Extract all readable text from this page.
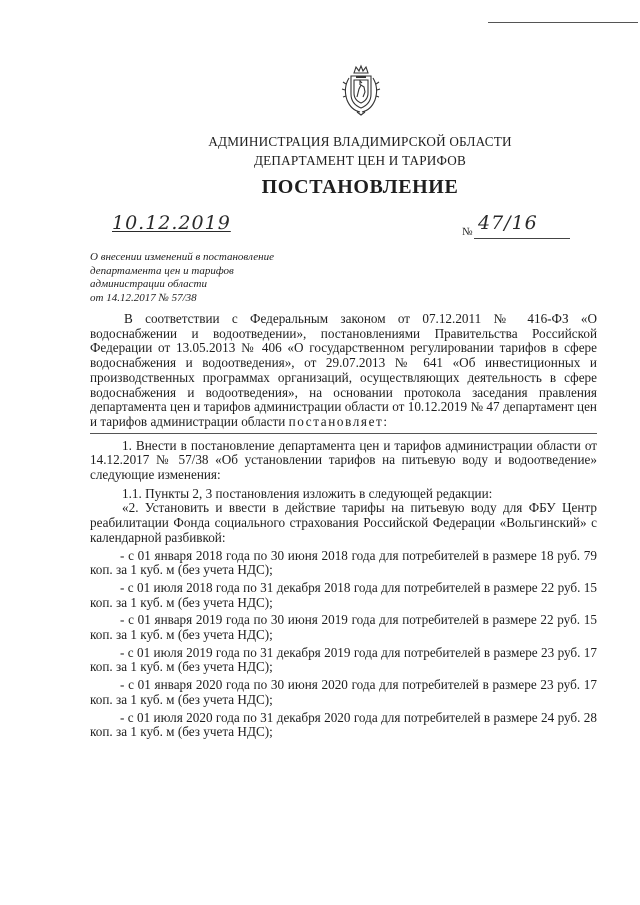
АДМИНИСТРАЦИЯ ВЛАДИМИРСКОЙ ОБЛАСТИ
ДЕПАРТАМЕНТ ЦЕН И ТАРИФОВ
ПОСТАНОВЛЕНИЕ
10.12.2019	№ 47/16
О внесении изменений в постановление
департамента цен и тарифов
администрации области
от 14.12.2017 № 57/38

В соответствии с Федеральным законом от 07.12.2011 № 416-ФЗ «О водоснабжении и водоотведении», постановлениями Правительства Российской Федерации от 13.05.2013 № 406 «О государственном регулировании тарифов в сфере водоснабжения и водоотведения», от 29.07.2013 № 641 «Об инвестиционных и производственных программах организаций, осуществляющих деятельность в сфере водоснабжения и водоотведения», на основании протокола заседания правления департамента цен и тарифов администрации области от 10.12.2019 № 47 департамент цен и тарифов администрации области постановляет:

1. Внести в постановление департамента цен и тарифов администрации области от 14.12.2017 № 57/38 «Об установлении тарифов на питьевую воду и водоотведение» следующие изменения:

1.1. Пункты 2, 3 постановления изложить в следующей редакции:

«2. Установить и ввести в действие тарифы на питьевую воду для ФБУ Центр реабилитации Фонда социального страхования Российской Федерации «Вольгинский» с календарной разбивкой:

- с 01 января 2018 года по 30 июня 2018 года для потребителей в размере 18 руб. 79 коп. за 1 куб. м (без учета НДС);

- с 01 июля 2018 года по 31 декабря 2018 года для потребителей в размере 22 руб. 15 коп. за 1 куб. м (без учета НДС);

- с 01 января 2019 года по 30 июня 2019 года для потребителей в размере 22 руб. 15 коп. за 1 куб. м (без учета НДС);

- с 01 июля 2019 года по 31 декабря 2019 года для потребителей в размере 23 руб. 17 коп. за 1 куб. м (без учета НДС);

- с 01 января 2020 года по 30 июня 2020 года для потребителей в размере 23 руб. 17 коп. за 1 куб. м (без учета НДС);

- с 01 июля 2020 года по 31 декабря 2020 года для потребителей в размере 24 руб. 28 коп. за 1 куб. м (без учета НДС);
